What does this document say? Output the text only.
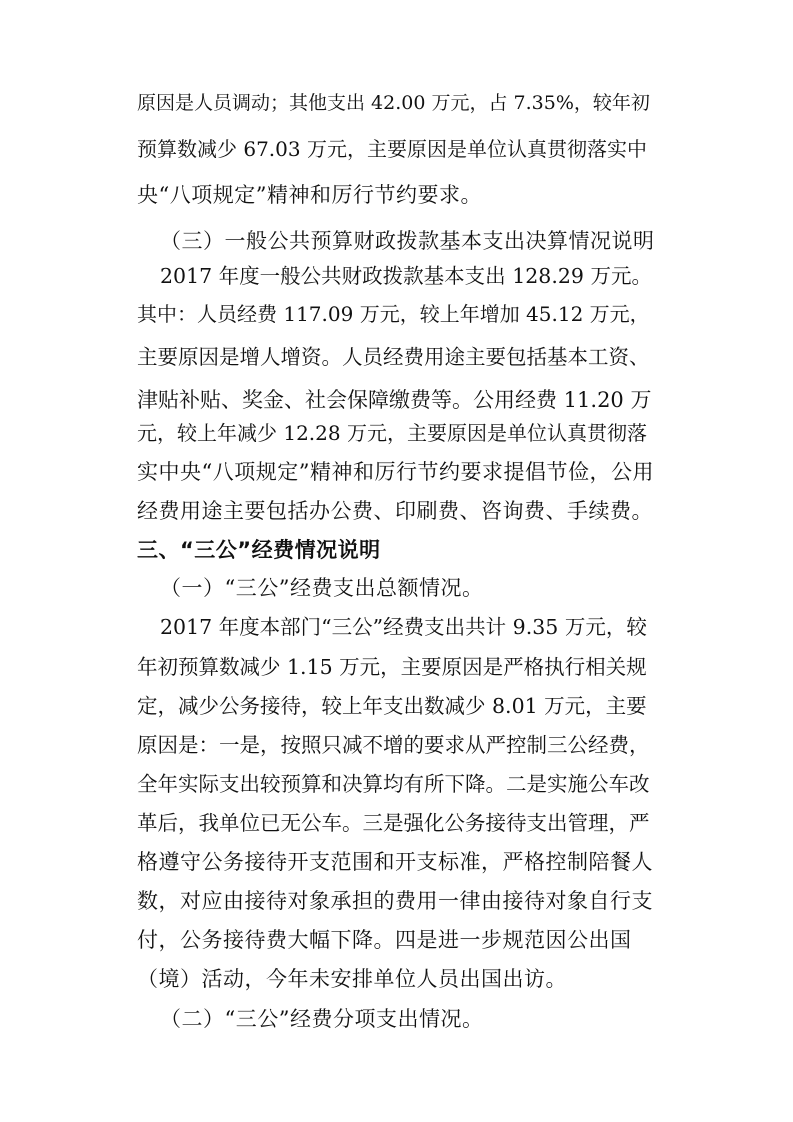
原因是人员调动；其他支出 42.00 万元，占 7.35%，较年初
预算数减少 67.03 万元，主要原因是单位认真贯彻落实中
央“八项规定”精神和厉行节约要求。
（三）一般公共预算财政拨款基本支出决算情况说明
2017 年度一般公共财政拨款基本支出 128.29 万元。
其中：人员经费 117.09 万元，较上年增加 45.12 万元，
主要原因是增人增资。人员经费用途主要包括基本工资、
津贴补贴、奖金、社会保障缴费等。公用经费 11.20 万
元，较上年减少 12.28 万元，主要原因是单位认真贯彻落
实中央“八项规定”精神和厉行节约要求提倡节俭，公用
经费用途主要包括办公费、印刷费、咨询费、手续费。
三、“三公”经费情况说明
（一）“三公”经费支出总额情况。
2017 年度本部门“三公”经费支出共计 9.35 万元，较
年初预算数减少 1.15 万元，主要原因是严格执行相关规
定，减少公务接待，较上年支出数减少 8.01 万元，主要
原因是：一是，按照只减不增的要求从严控制三公经费，
全年实际支出较预算和决算均有所下降。二是实施公车改
革后，我单位已无公车。三是强化公务接待支出管理，严
格遵守公务接待开支范围和开支标准，严格控制陪餐人
数，对应由接待对象承担的费用一律由接待对象自行支
付，公务接待费大幅下降。四是进一步规范因公出国
（境）活动，今年未安排单位人员出国出访。
（二）“三公”经费分项支出情况。
